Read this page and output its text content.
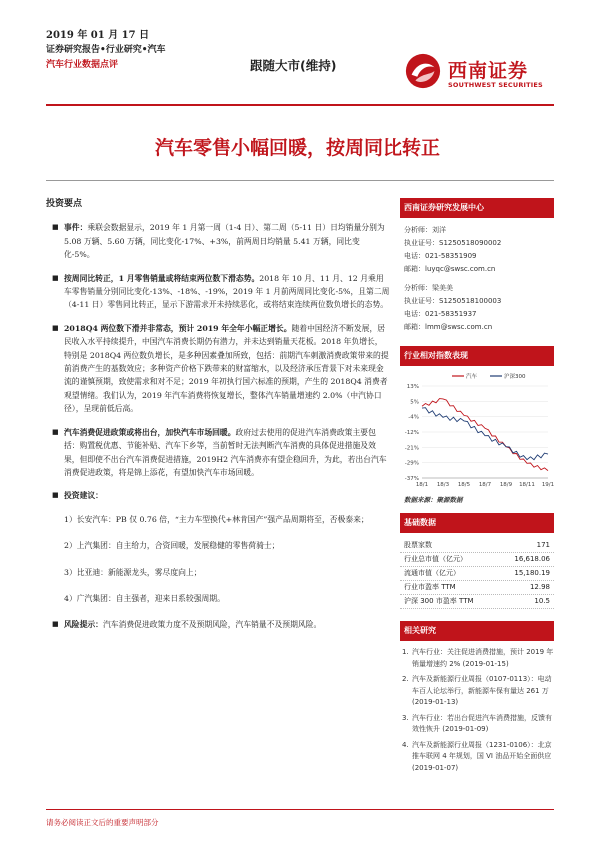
2019 年 01 月 17 日
证券研究报告•行业研究•汽车
汽车行业数据点评	跟随大市(维持)	西南证券
SOUTHWEST SECURITIES
汽车零售小幅回暖，按周同比转正
投资要点
■ 事件：乘联会数据显示，2019 年 1 月第一周（1-4 日）、第二周（5-11 日）日均销量分别为 5.08 万辆、5.60 万辆，同比变化-17%、+3%，前两周日均销量 5.41 万辆，同比变化-5%。
■ 按周同比转正，1 月零售销量或将结束两位数下滑态势。2018 年 10 月、11 月、12 月乘用车零售销量分别同比变化-13%、-18%、-19%，2019 年 1 月前两周同比变化-5%，且第二周（4-11 日）零售同比转正，显示下游需求开未持续恶化，或将结束连续两位数负增长的态势。
■ 2018Q4 两位数下滑并非常态，预计 2019 年全年小幅正增长。随着中国经济不断发展，居民收入水平持续提升，中国汽车消费长期仍有潜力，并未达到销量天花板。2018 年负增长，特别是 2018Q4 两位数负增长，是多种因素叠加所致，包括：前期汽车刺激消费政策带来的提前消费产生的基数效应；多种资产价格下跌带来的财富缩水，以及经济承压背景下对未来现金流的谨慎预期，致使需求和对不足；2019 年初执行国六标准的预期，产生的 2018Q4 消费者观望情绪。我们认为，2019 年汽车消费将恢复增长，整体汽车销量增速约 2.0%（中汽协口径），呈现前低后高。
■ 汽车消费促进政策或将出台，加快汽车市场回暖。政府过去使用的促进汽车消费政策主要包括：购置税优惠、节能补贴、汽车下乡等，当前暂时无法判断汽车消费的具体促进措施及效果，但即使不出台汽车消费促进措施，2019H2 汽车消费亦有望企稳回升，为此，若出台汽车消费促进政策，将是锦上添花，有望加快汽车市场回暖。
■ 投资建议：
1）长安汽车：PB 仅 0.76 倍，“主力车型换代+林肯国产”强产品周期将至，否极泰来；
2）上汽集团：自主给力，合资回暖，发展稳健的零售荷骑士；
3）比亚迪：新能源龙头，雾尽度向上；
4）广汽集团：自主强者，迎来日系较强周期。
■ 风险提示：汽车消费促进政策力度不及预期风险，汽车销量不及预期风险。
西南证券研究发展中心
分析师：刘洋
执业证号：S1250518090002
电话：021-58351909
邮箱：luyqc@swsc.com.cn
分析师：梁美美
执业证号：S1250518100003
电话：021-58351937
邮箱：lmm@swsc.com.cn
行业相对指数表现
13%
5%
-4%
-12%
-21%
-29%
-37%
18/1 18/3 18/5 18/7 18/9 18/11 19/1
汽车	沪深300
数据来源：聚源数据
基础数据
股票家数	171
行业总市值（亿元）	16,618.06
流通市值（亿元）	15,180.19
行业市盈率 TTM	12.98
沪深 300 市盈率 TTM	10.5
相关研究
1. 汽车行业：关注促进消费措施，预计 2019 年销量增速约 2% (2019-01-15)
2. 汽车及新能源行业周报（0107-0113）：电动车百人论坛举行，新能源车保有量达 261 万 (2019-01-13)
3. 汽车行业：若出台促进汽车消费措施，反馈有效性恢升 (2019-01-09)
4. 汽车及新能源行业周报（1231-0106）：北京推车联网 4 年规划，国 VI 油品开始全面供应 (2019-01-07)
请务必阅读正文后的重要声明部分
